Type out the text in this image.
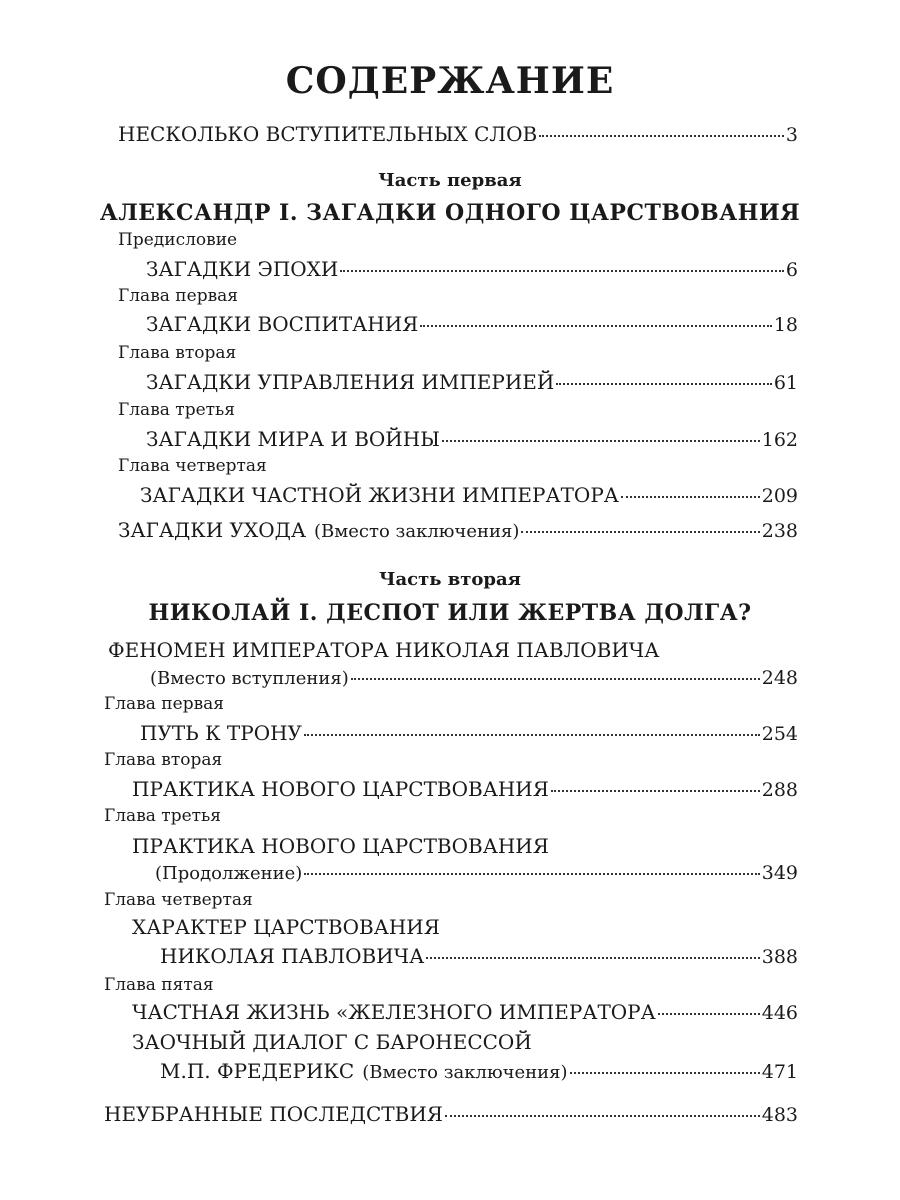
СОДЕРЖАНИЕ
НЕСКОЛЬКО ВСТУПИТЕЛЬНЫХ СЛОВ	3
Часть первая
АЛЕКСАНДР I. ЗАГАДКИ ОДНОГО ЦАРСТВОВАНИЯ
Предисловие
ЗАГАДКИ ЭПОХИ	6
Глава первая
ЗАГАДКИ ВОСПИТАНИЯ	18
Глава вторая
ЗАГАДКИ УПРАВЛЕНИЯ ИМПЕРИЕЙ	61
Глава третья
ЗАГАДКИ МИРА И ВОЙНЫ	162
Глава четвертая
ЗАГАДКИ ЧАСТНОЙ ЖИЗНИ ИМПЕРАТОРА	209
ЗАГАДКИ УХОДА (Вместо заключения)	238
Часть вторая
НИКОЛАЙ I. ДЕСПОТ ИЛИ ЖЕРТВА ДОЛГА?
ФЕНОМЕН ИМПЕРАТОРА НИКОЛАЯ ПАВЛОВИЧА
(Вместо вступления)	248
Глава первая
ПУТЬ К ТРОНУ	254
Глава вторая
ПРАКТИКА НОВОГО ЦАРСТВОВАНИЯ	288
Глава третья
ПРАКТИКА НОВОГО ЦАРСТВОВАНИЯ
(Продолжение)	349
Глава четвертая
ХАРАКТЕР ЦАРСТВОВАНИЯ
НИКОЛАЯ ПАВЛОВИЧА	388
Глава пятая
ЧАСТНАЯ ЖИЗНЬ «ЖЕЛЕЗНОГО ИМПЕРАТОРА	446
ЗАОЧНЫЙ ДИАЛОГ С БАРОНЕССОЙ
М.П. ФРЕДЕРИКС (Вместо заключения)	471
НЕУБРАННЫЕ ПОСЛЕДСТВИЯ	483
